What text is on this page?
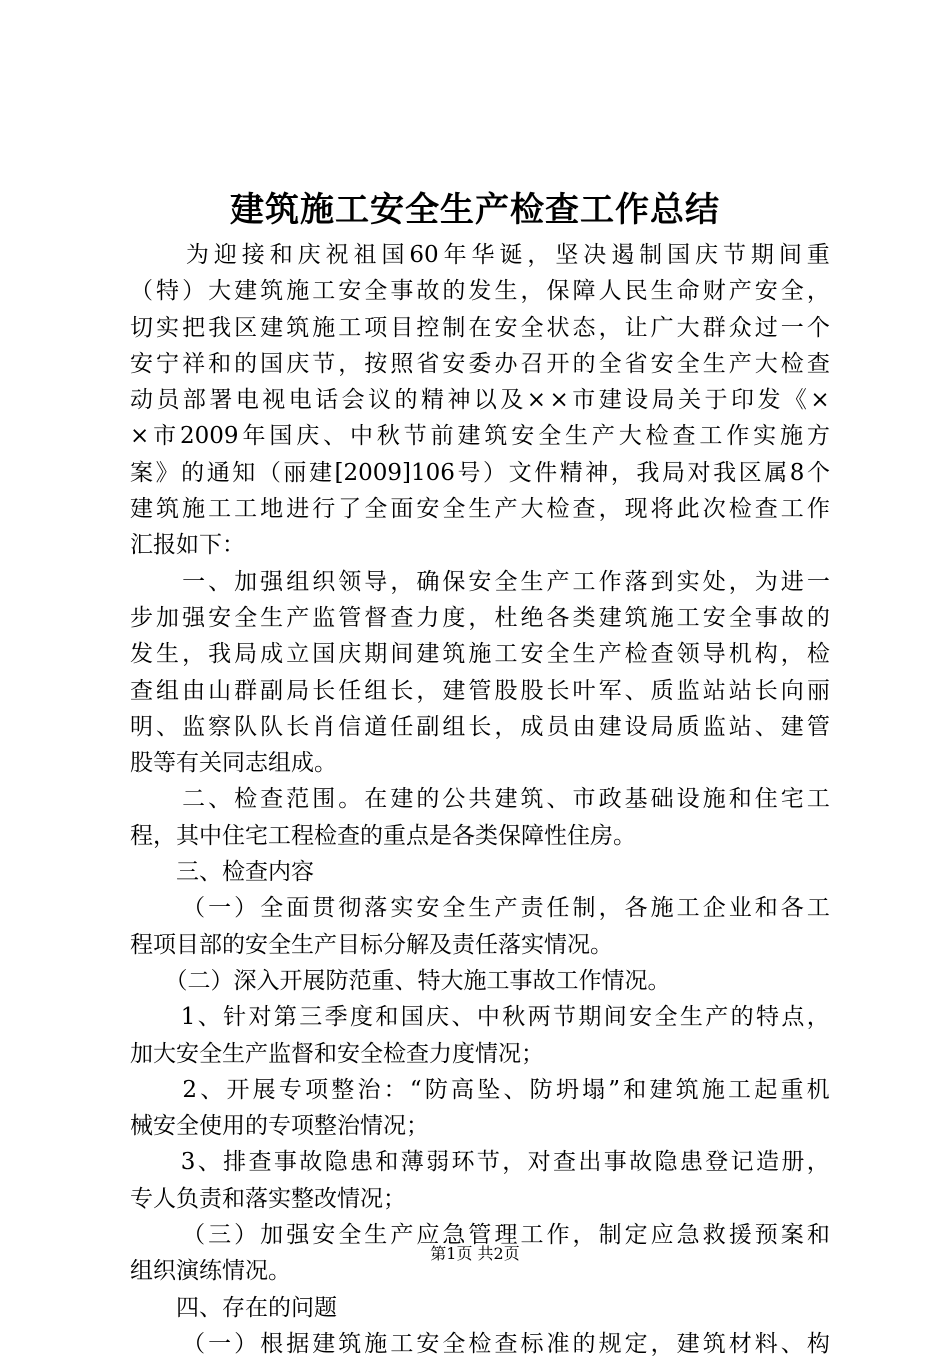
建筑施工安全生产检查工作总结

为 迎 接 和 庆 祝 祖 国 60 年 华 诞 ， 坚 决 遏 制 国 庆 节 期 间 重
（ 特 ） 大 建 筑 施 工 安 全 事 故 的 发 生 ， 保 障 人 民 生 命 财 产 安 全 ，
切 实 把 我 区 建 筑 施 工 项 目 控 制 在 安 全 状 态 ， 让 广 大 群 众 过 一 个
安 宁 祥 和 的 国 庆 节 ， 按 照 省 安 委 办 召 开 的 全 省 安 全 生 产 大 检 查
动 员 部 署 电 视 电 话 会 议 的 精 神 以 及 × × 市 建 设 局 关 于 印 发 《 ×
× 市 2009 年 国 庆 、 中 秋 节 前 建 筑 安 全 生 产 大 检 查 工 作 实 施 方
案 》 的 通 知 （ 丽 建 [2009]106 号 ） 文 件 精 神 ， 我 局 对 我 区 属 8 个
建 筑 施 工 工 地 进 行 了 全 面 安 全 生 产 大 检 查 ， 现 将 此 次 检 查 工 作
汇报如下：

一 、 加 强 组 织 领 导 ， 确 保 安 全 生 产 工 作 落 到 实 处 ， 为 进 一
步 加 强 安 全 生 产 监 管 督 查 力 度 ， 杜 绝 各 类 建 筑 施 工 安 全 事 故 的
发 生 ， 我 局 成 立 国 庆 期 间 建 筑 施 工 安 全 生 产 检 查 领 导 机 构 ， 检
查 组 由 山 群 副 局 长 任 组 长 ， 建 管 股 股 长 叶 军 、 质 监 站 站 长 向 丽
明 、 监 察 队 队 长 肖 信 道 任 副 组 长 ， 成 员 由 建 设 局 质 监 站 、 建 管
股等有关同志组成。

二 、 检 查 范 围 。 在 建 的 公 共 建 筑 、 市 政 基 础 设 施 和 住 宅 工
程，其中住宅工程检查的重点是各类保障性住房。
　　三、检查内容

（ 一 ） 全 面 贯 彻 落 实 安 全 生 产 责 任 制 ， 各 施 工 企 业 和 各 工
程项目部的安全生产目标分解及责任落实情况。
　　（二）深入开展防范重、特大施工事故工作情况。

1 、 针 对 第 三 季 度 和 国 庆 、 中 秋 两 节 期 间 安 全 生 产 的 特 点 ，
加大安全生产监督和安全检查力度情况；

2 、 开 展 专 项 整 治 ： “ 防 高 坠 、 防 坍 塌 ” 和 建 筑 施 工 起 重 机
械安全使用的专项整治情况；

3 、 排 查 事 故 隐 患 和 薄 弱 环 节 ， 对 查 出 事 故 隐 患 登 记 造 册 ，
专人负责和落实整改情况；

（ 三 ） 加 强 安 全 生 产 应 急 管 理 工 作 ， 制 定 应 急 救 援 预 案 和
组织演练情况。
　　四、存在的问题

（ 一 ） 根 据 建 筑 施 工 安 全 检 查 标 准 的 规 定 ， 建 筑 材 料 、 构
第1页 共2页
